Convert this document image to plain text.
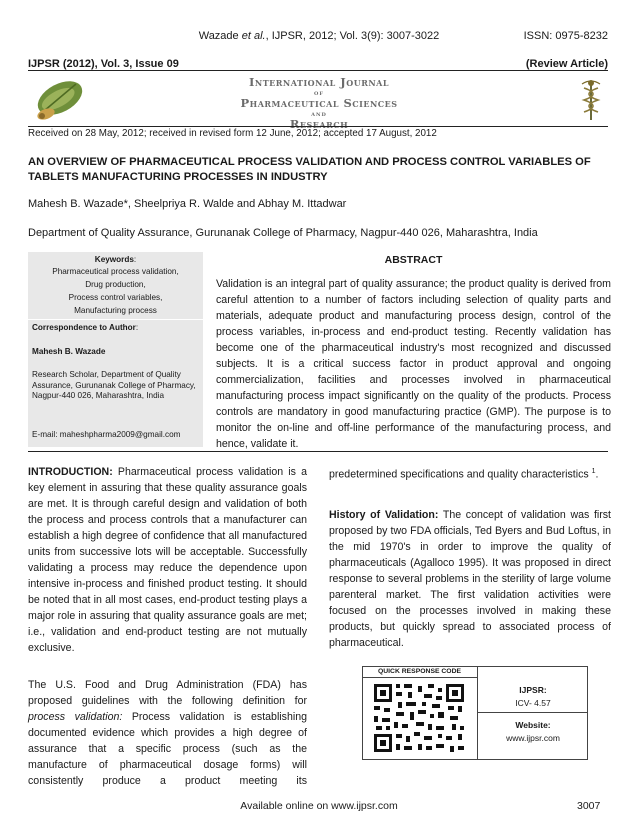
Wazade et al., IJPSR, 2012; Vol. 3(9): 3007-3022	ISSN: 0975-8232
IJPSR (2012), Vol. 3, Issue 09	(Review Article)
International Journal
of
Pharmaceutical Sciences
and
Research
Received on 28 May, 2012; received in revised form 12 June, 2012; accepted 17 August, 2012
AN OVERVIEW OF PHARMACEUTICAL PROCESS VALIDATION AND PROCESS CONTROL VARIABLES OF TABLETS MANUFACTURING PROCESSES IN INDUSTRY
Mahesh B. Wazade*, Sheelpriya R. Walde and Abhay M. Ittadwar
Department of Quality Assurance, Gurunanak College of Pharmacy, Nagpur-440 026, Maharashtra, India
Keywords:
Pharmaceutical process validation,
Drug production,
Process control variables,
Manufacturing process
Correspondence to Author:
Mahesh B. Wazade
Research Scholar, Department of Quality Assurance, Gurunanak College of Pharmacy, Nagpur-440 026, Maharashtra, India
E-mail: maheshpharma2009@gmail.com
ABSTRACT
Validation is an integral part of quality assurance; the product quality is derived from careful attention to a number of factors including selection of quality parts and materials, adequate product and manufacturing process design, control of the process variables, in-process and end-product testing. Recently validation has become one of the pharmaceutical industry's most recognized and discussed subjects. It is a critical success factor in product approval and ongoing commercialization, facilities and processes involved in pharmaceutical manufacturing process impact significantly on the quality of the products. Process controls are mandatory in good manufacturing practice (GMP). The purpose is to monitor the on-line and off-line performance of the manufacturing process, and hence, validate it.
INTRODUCTION: Pharmaceutical process validation is a key element in assuring that these quality assurance goals are met. It is through careful design and validation of both the process and process controls that a manufacturer can establish a high degree of confidence that all manufactured units from successive lots will be acceptable. Successfully validating a process may reduce the dependence upon intensive in-process and finished product testing. It should be noted that in all most cases, end-product testing plays a major role in assuring that quality assurance goals are met; i.e., validation and end-product testing are not mutually exclusive.
The U.S. Food and Drug Administration (FDA) has proposed guidelines with the following definition for process validation: Process validation is establishing documented evidence which provides a high degree of assurance that a specific process (such as the manufacture of pharmaceutical dosage forms) will consistently produce a product meeting its
predetermined specifications and quality characteristics $^1$.
History of Validation: The concept of validation was first proposed by two FDA officials, Ted Byers and Bud Loftus, in the mid 1970's in order to improve the quality of pharmaceuticals (Agalloco 1995). It was proposed in direct response to several problems in the sterility of large volume parenteral market. The first validation activities were focused on the processes involved in making these products, but quickly spread to associated process of pharmaceutical.
QUICK RESPONSE CODE
IJPSR:
ICV- 4.57
Website:
www.ijpsr.com
Available online on www.ijpsr.com	3007
